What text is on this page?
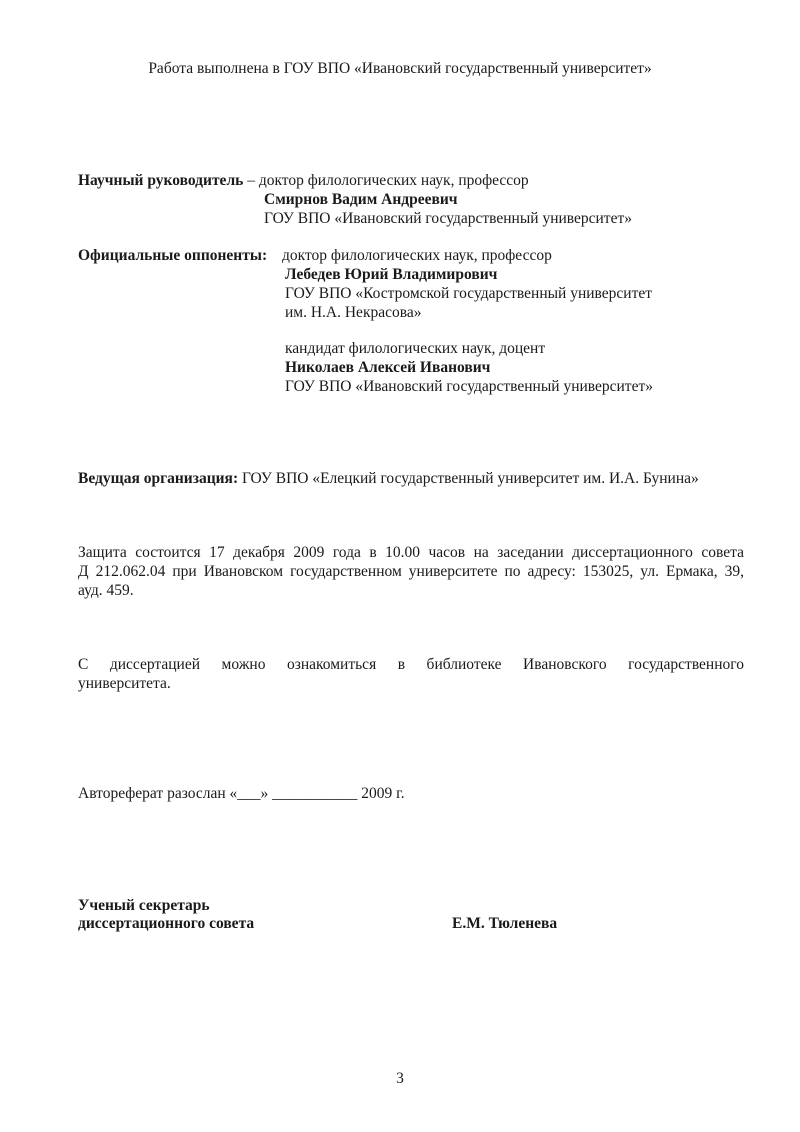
Работа выполнена в ГОУ ВПО «Ивановский государственный университет»
Научный руководитель – доктор филологических наук, профессор
Смирнов Вадим Андреевич
ГОУ ВПО «Ивановский государственный университет»
Официальные оппоненты: доктор филологических наук, профессор
Лебедев Юрий Владимирович
ГОУ ВПО «Костромской государственный университет
им. Н.А. Некрасова»
кандидат филологических наук, доцент
Николаев Алексей Иванович
ГОУ ВПО «Ивановский государственный университет»
Ведущая организация: ГОУ ВПО «Елецкий государственный университет им. И.А. Бунина»
Защита состоится 17 декабря 2009 года в 10.00 часов на заседании диссертационного совета
Д 212.062.04 при Ивановском государственном университете по адресу: 153025, ул. Ермака, 39,
ауд. 459.
С диссертацией можно ознакомиться в библиотеке Ивановского государственного
университета.
Автореферат разослан «___» ___________ 2009 г.
Ученый секретарь
диссертационного совета	Е.М. Тюленева
3
